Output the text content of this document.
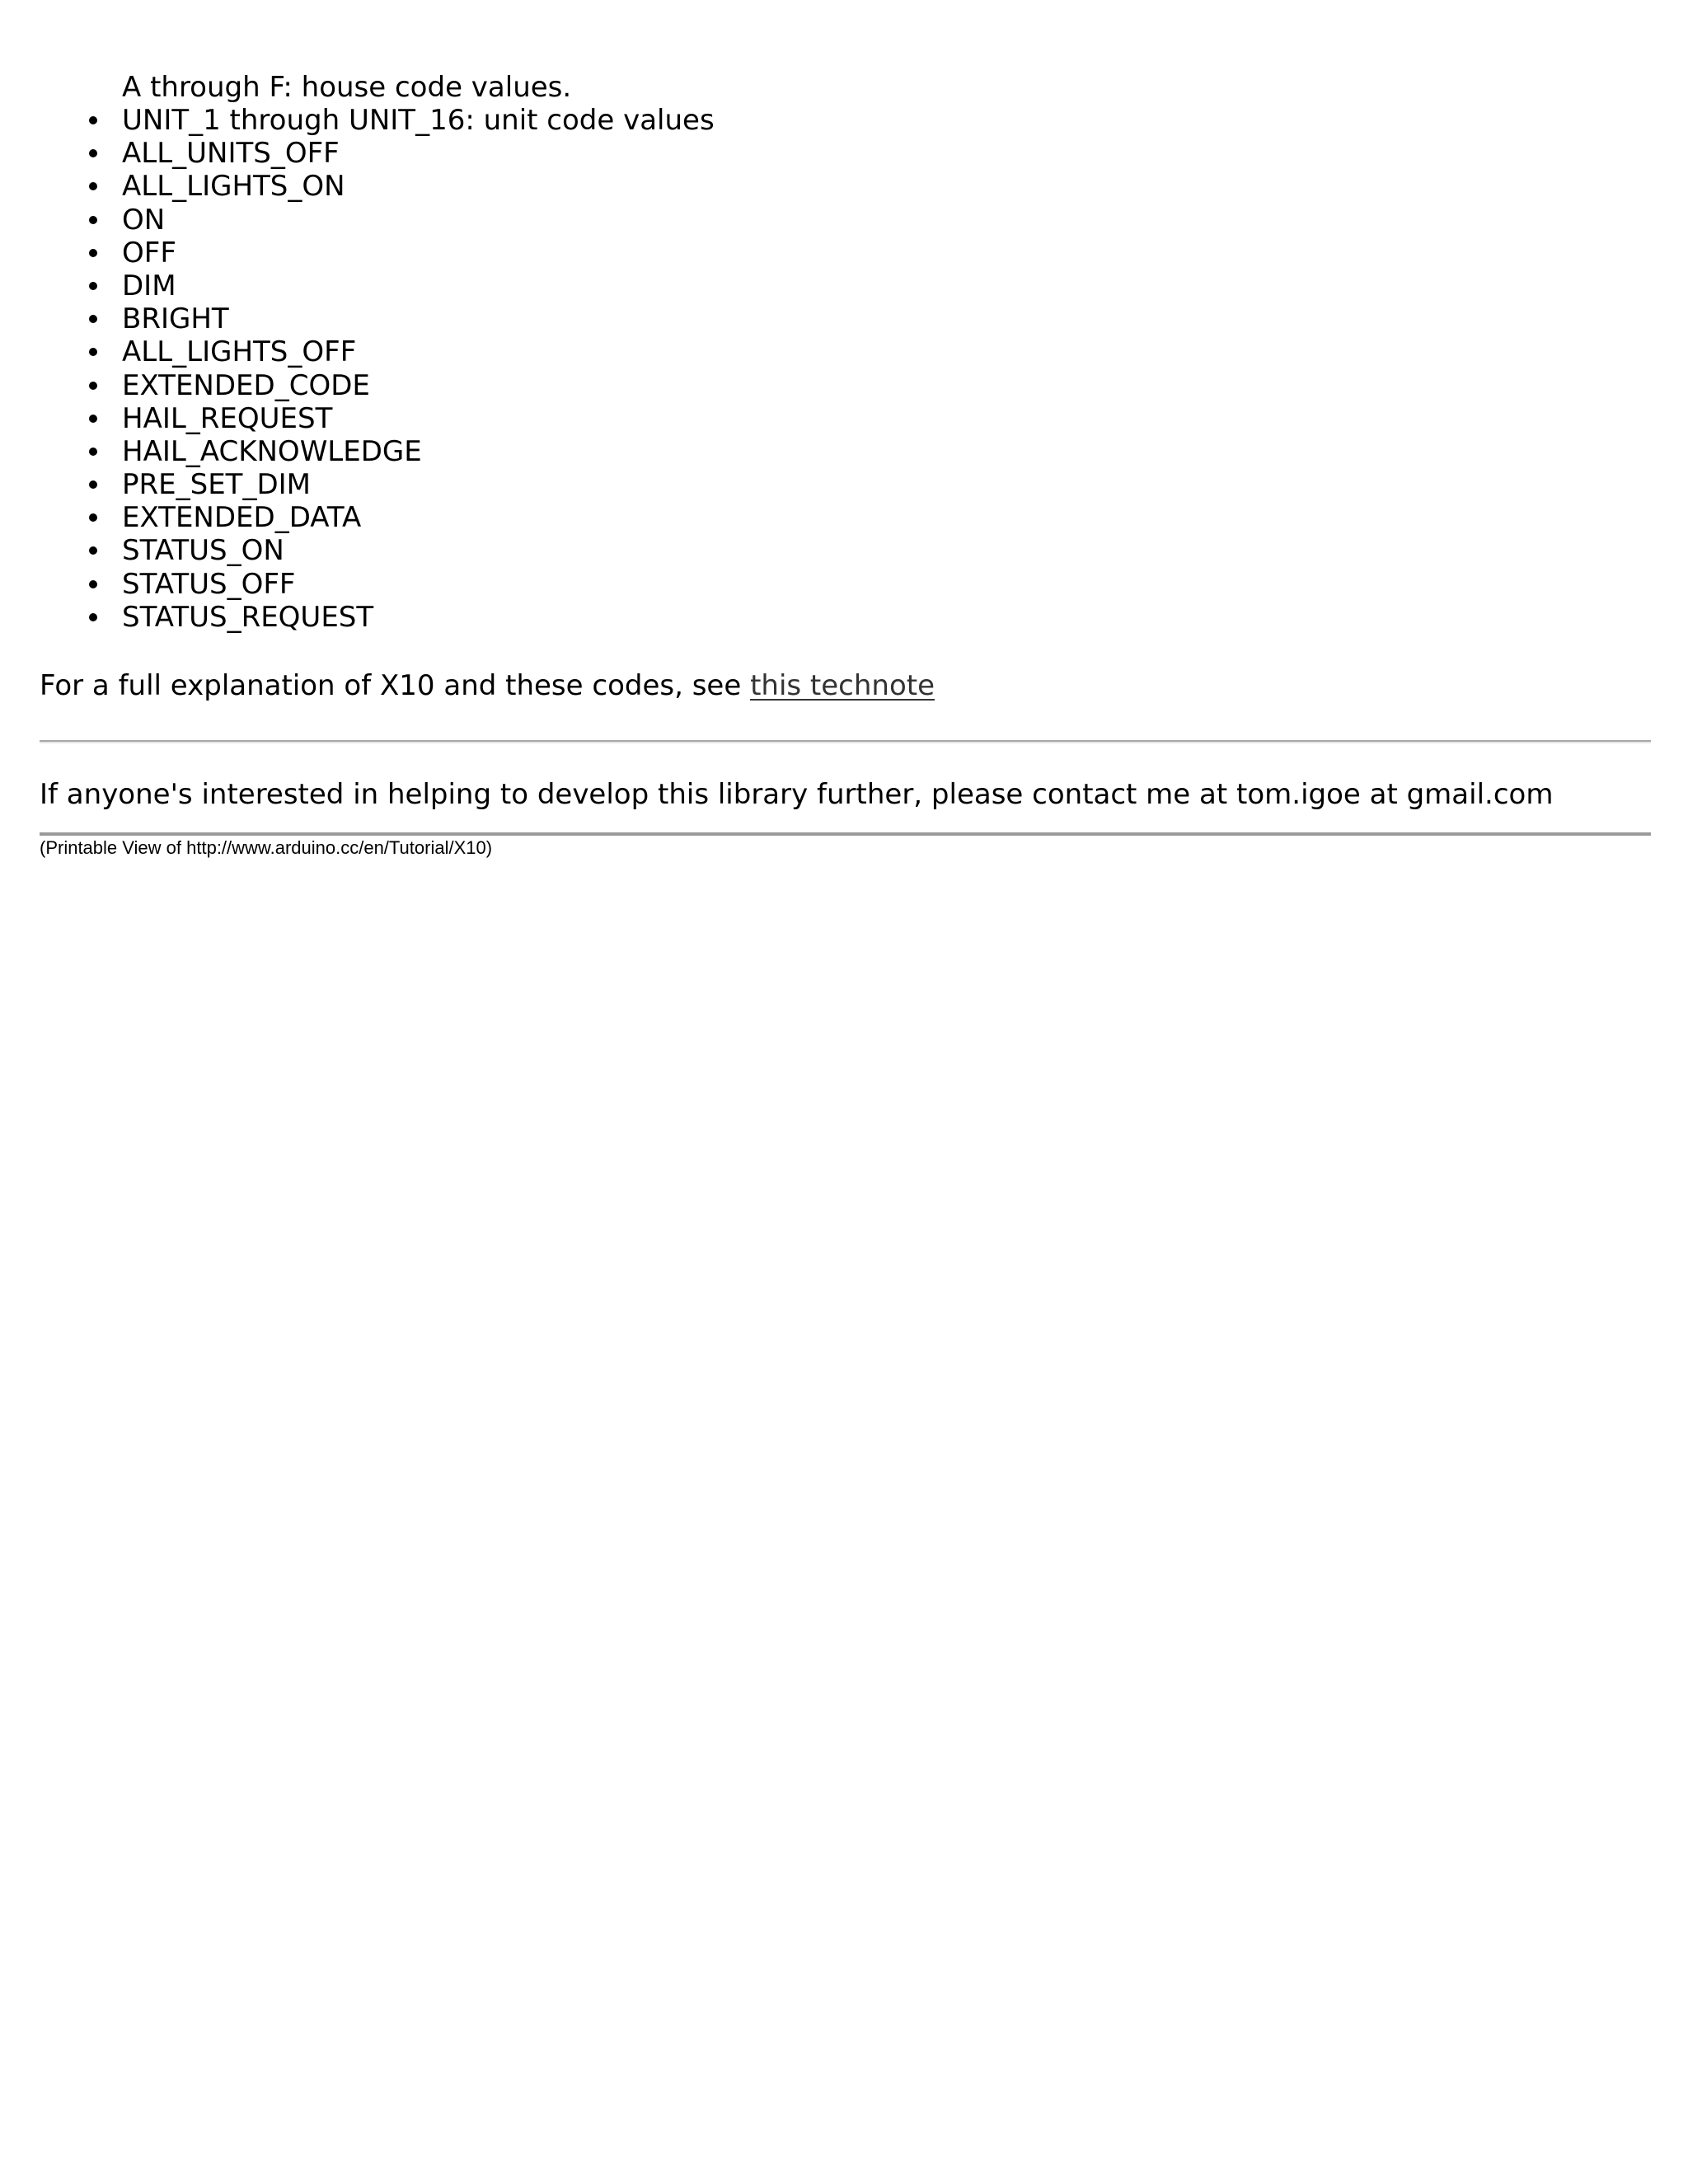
A through F: house code values.

UNIT_1 through UNIT_16: unit code values
ALL_UNITS_OFF
ALL_LIGHTS_ON
ON
OFF
DIM
BRIGHT
ALL_LIGHTS_OFF
EXTENDED_CODE
HAIL_REQUEST
HAIL_ACKNOWLEDGE
PRE_SET_DIM
EXTENDED_DATA
STATUS_ON
STATUS_OFF
STATUS_REQUEST

For a full explanation of X10 and these codes, see this technote

If anyone's interested in helping to develop this library further, please contact me at tom.igoe at gmail.com

(Printable View of http://www.arduino.cc/en/Tutorial/X10)
